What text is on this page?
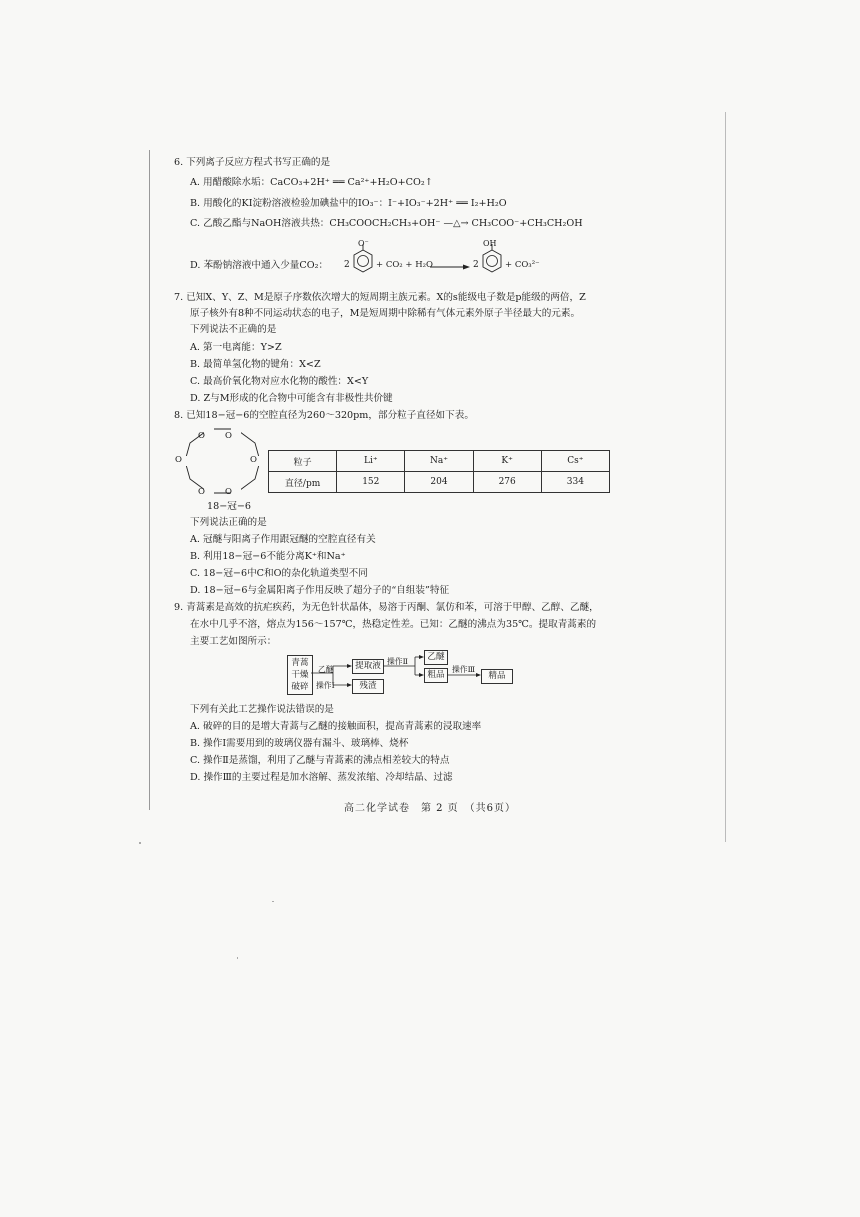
6. 下列离子反应方程式书写正确的是
A. 用醋酸除水垢：CaCO₃+2H⁺ ══ Ca²⁺+H₂O+CO₂↑
B. 用酸化的KI淀粉溶液检验加碘盐中的IO₃⁻：I⁻+IO₃⁻+2H⁺ ══ I₂+H₂O
C. 乙酸乙酯与NaOH溶液共热：CH₃COOCH₂CH₃+OH⁻ —△→ CH₃COO⁻+CH₃CH₂OH
D. 苯酚钠溶液中通入少量CO₂： 2
O⁻
+ CO₂ + H₂O → 2
OH
+ CO₃²⁻
7. 已知X、Y、Z、M是原子序数依次增大的短周期主族元素。X的s能级电子数是p能级的两倍，Z
原子核外有8种不同运动状态的电子，M是短周期中除稀有气体元素外原子半径最大的元素。
下列说法不正确的是
A. 第一电离能：Y>Z
B. 最简单氢化物的键角：X<Z
C. 最高价氧化物对应水化物的酸性：X<Y
D. Z与M形成的化合物中可能含有非极性共价键
8. 已知18−冠−6的空腔直径为260～320pm，部分粒子直径如下表。
O O
O
O
O
O
18−冠−6
粒子	Li⁺	Na⁺	K⁺	Cs⁺
直径/pm	152	204	276	334
下列说法正确的是
A. 冠醚与阳离子作用跟冠醚的空腔直径有关
B. 利用18−冠−6不能分离K⁺和Na⁺
C. 18−冠−6中C和O的杂化轨道类型不同
D. 18−冠−6与金属阳离子作用反映了超分子的“自组装”特征
9. 青蒿素是高效的抗疟疾药，为无色针状晶体，易溶于丙酮、氯仿和苯，可溶于甲醇、乙醇、乙醚，
在水中几乎不溶，熔点为156～157℃，热稳定性差。已知：乙醚的沸点为35℃。提取青蒿素的
主要工艺如图所示：
青蒿
干燥
破碎
乙醚
操作Ⅰ
提取液
残渣
操作Ⅱ	乙醚
粗品
操作Ⅲ
精品
下列有关此工艺操作说法错误的是
A. 破碎的目的是增大青蒿与乙醚的接触面积，提高青蒿素的浸取速率
B. 操作Ⅰ需要用到的玻璃仪器有漏斗、玻璃棒、烧杯
C. 操作Ⅱ是蒸馏，利用了乙醚与青蒿素的沸点相差较大的特点
D. 操作Ⅲ的主要过程是加水溶解、蒸发浓缩、冷却结晶、过滤
高二化学试卷　第 2 页　（共6页）
